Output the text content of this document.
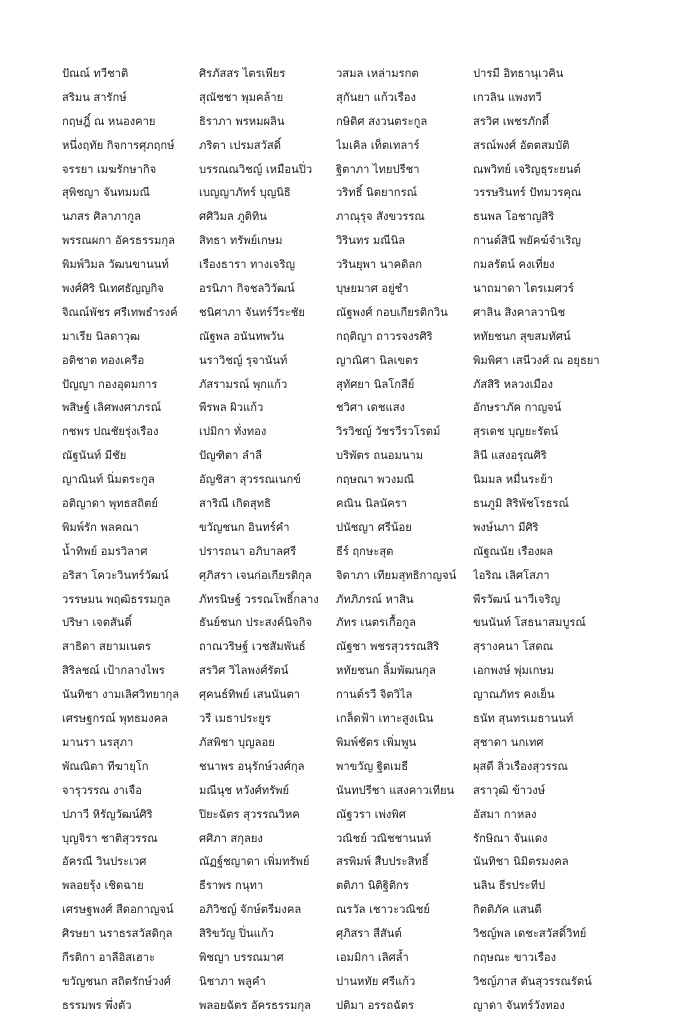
ปัณณ์ ทวีชาติ
สริมน สารักษ์
กฤษฎิ์ ณ หนองคาย
หนึ่งฤทัย กิจการศุภฤกษ์
จรรยา เมฆรักษากิจ
สุพิชญา จันทมมณี
นภสร ศิลาภากูล
พรรณผกา อัครธรรมกุล
พิมพ์วิมล วัฒนขานนท์
พงศ์ศิริ นิเทศธัญญกิจ
จิณณ์พัชร ศรีเทพธำรงค์
มาเรีย นิลดาวุฒ
อติชาต ทองเครือ
ปัญญา กองอุดมการ
พสิษฐ์ เลิศพงศาภรณ์
กชพร ปณชัยรุ่งเรือง
ณัฐนันท์ มีชัย
ญาณินท์ นิ่มตระกูล
อติญาดา พุทธสถิตย์
พิมพ์รัก พลคณา
น้ำทิพย์ อมรวิลาศ
อริสา โควะวินทร์วัฒน์
วรรษมน พฤฒิธรรมกูล
ปริษา เจตสันติ์
สาธิดา สยามเนตร
สิริลชณ์ เป้ากลางไพร
นันทิชา งามเลิศวิทยากุล
เศรษฐกรณ์ พุทธมงคล
มานรา นรสุภา
พัณณิตา ทีฆายุโก
จารุวรรณ งาเจือ
ปภาวี หิรัญวัฒน์ศิริ
บุญจิรา ชาติสุวรรณ
อัครณี วินประเวศ
พลอยรุ้ง เชิดฉาย
เศรษฐพงศ์ สีดอกาญจน์
ศิรษยา นราธรสวัสดิกุล
กีรติกา อาลีอิสเฮาะ
ขวัญชนก สถิตรักษ์วงศ์
ธรรมพร พึ่งตัว
ศิรภัสสร ไตรเพียร
สุณัชชา พุมคล้าย
ธิราภา พรหมผลิน
ภริตา เปรมสวัสดิ์
บรรณณวิชญ์ เหมือนปิ่ว
เบญญาภัทร์ บุญนิธิ
ศศิวิมล ภูติทิน
สิทธา ทรัพย์เกษม
เรืองธารา ทางเจริญ
อรนิภา กิจชลวิวัฒน์
ชนิศาภา จันทร์วีระชัย
ณัฐพล อนันทพวัน
นราวิชญ์ รุจานันท์
ภัสรามรณ์ พุกแก้ว
พีรพล ผิวแก้ว
เปมิกา ทั่งทอง
ปัญฑิตา ลำลี
อัญชิสา สุวรรณเนกข์
สาริณี เกิดสุทธิ
ขวัญชนก อินทร์คำ
ปรารถนา อภิบาลศรี
ศุภิสรา เจนก่อเกียรติกุล
ภัทรนิษฐ์ วรรณโพธิ์กลาง
ธันย์ชนก ประสงค์นิจกิจ
ถาณวริษฐ์ เวชสัมพันธ์
สรวิศ วิไลพงศ์รัตน์
ศุคนธ์ทิพย์ เสนนันตา
วรี เมธาประยูร
ภัสพิชา บุญลอย
ชนาพร อนุรักษ์วงศ์กุล
มณีนุช หวังศ์ทรัพย์
ปิยะฉัตร สุวรรณวิหค
ศศิภา สกุลยง
ณัฏฐ์ชญาดา เพิ่มทรัพย์
ธีราพร กนุทา
อภิวิชญ์ จักษ์ตรีมงคล
สิริขวัญ ปิ่นแก้ว
พิชญา บรรณมาศ
นิชาภา พลูคำ
พลอยฉัตร อัครธรรมกุล
วสมล เหล่ามรกต
สุกันยา แก้วเรือง
กษิดิศ สงวนตระกูล
ไมเคิล เท็ตเทลาร์
ฐิตาภา ไทยปรีชา
วริทธิ์ นิตยากรณ์
ภาณุรุจ สังขวรรณ
วิรินทร มณีนิล
วรินยุพา นาคดิลก
บุษยมาศ อยู่ชำ
ณัฐพงศ์ กอบเกียรติกวิน
กฤติญา ถาวรจงรศิริ
ญาณิศา นิลเขตร
สุทัศยา นิลโกสีย์
ชวิศา เดชแสง
วิรวิชญ์ วัชรวีรวโรตม์
บริพัตร ถนอมนาม
กฤษณา พวงมณี
คณิน นิลนัครา
ปนัชญา ศรีน้อย
ธีร์ ฤกษะสุต
จิดาภา เทียมสุทธิกาญจน์
ภัทภิภรณ์ หาสิน
ภัทร เนตรเกื้อกูล
ณัฐชา พชรสุวรรณสิริ
หทัยชนก ลิ้มพัฒนกุล
กานต์รวี จิตวิไล
เกล็ดฟ้า เทาะสูงเนิน
พิมพ์ชัตร เพิ่มพูน
พาขวัญ ฐิตเมธี
นันทปรีชา แสงคาวเทียน
ณัฐวรา เพ่งพิศ
วณิชย์ วณิชชานนท์
สรพิมพ์ สืบประสิทธิ์
ตติภา นิติฐิติกร
ณรวัล เชาวะวณิชย์
ศุภิสรา สีสันต์
เอมมิกา เลิศล้ำ
ปานหทัย ศรีแก้ว
ปติมา อรรถฉัตร
ปารมี อิทธานุเวคิน
เกวลิน แพงทวี
สรวิศ เพชรภักดี์
สรณ์พงศ์ อัตตสมบัติ
ณพวิทย์ เจริญธุระยนต์
วรรษรินทร์ ปัทมวรคุณ
ธนพล โอชาญสิริ
กานต์สินี พยัคฆ์จำเริญ
กมลรัตน์ คงเที่ยง
นาถมาดา ไตรเมศวร์
ศาลิน สิงคาลวานิช
หทัยชนก สุขสมทัศน์
พิมพิศา เสนีวงศ์ ณ อยุธยา
ภัสสิริ หลวงเมือง
อักษราภัค กาญจน์
สุรเดช บุญยะรัตน์
ลินี แสงอรุณศิริ
นิมมล หมื่นระย้า
ธนภูมิ สิริพัชโรธรณ์
พงษ์นภา มีศิริ
ณัฐณนัย เรืองผล
ไอริณ เลิศโสภา
พีรวัฒน์ นาวีเจริญ
ขนนันท์ โสธนาสมบูรณ์
สุรางคนา โสดณ
เอกพงษ์ พุ่มเกษม
ญาณภัทร คงเย็น
ธนัท สุนทรเมธานนท์
สุชาดา นกเทศ
ผุสดี ลิ่วเรืองสุวรรณ
สราวุฒิ ข้าวงษ์
อัสมา กาหลง
รักษิณา จันแดง
นันทิชา นิมิตรมงคล
นลิน ธีรประทีป
กิตติภัค แสนดี
วิชญ์พล เดชะสวัสดิ์วิทย์
กฤษณะ ขาวเรือง
วิชญ์ภาส ตันสุวรรณรัตน์
ญาดา จันทร์วังทอง
